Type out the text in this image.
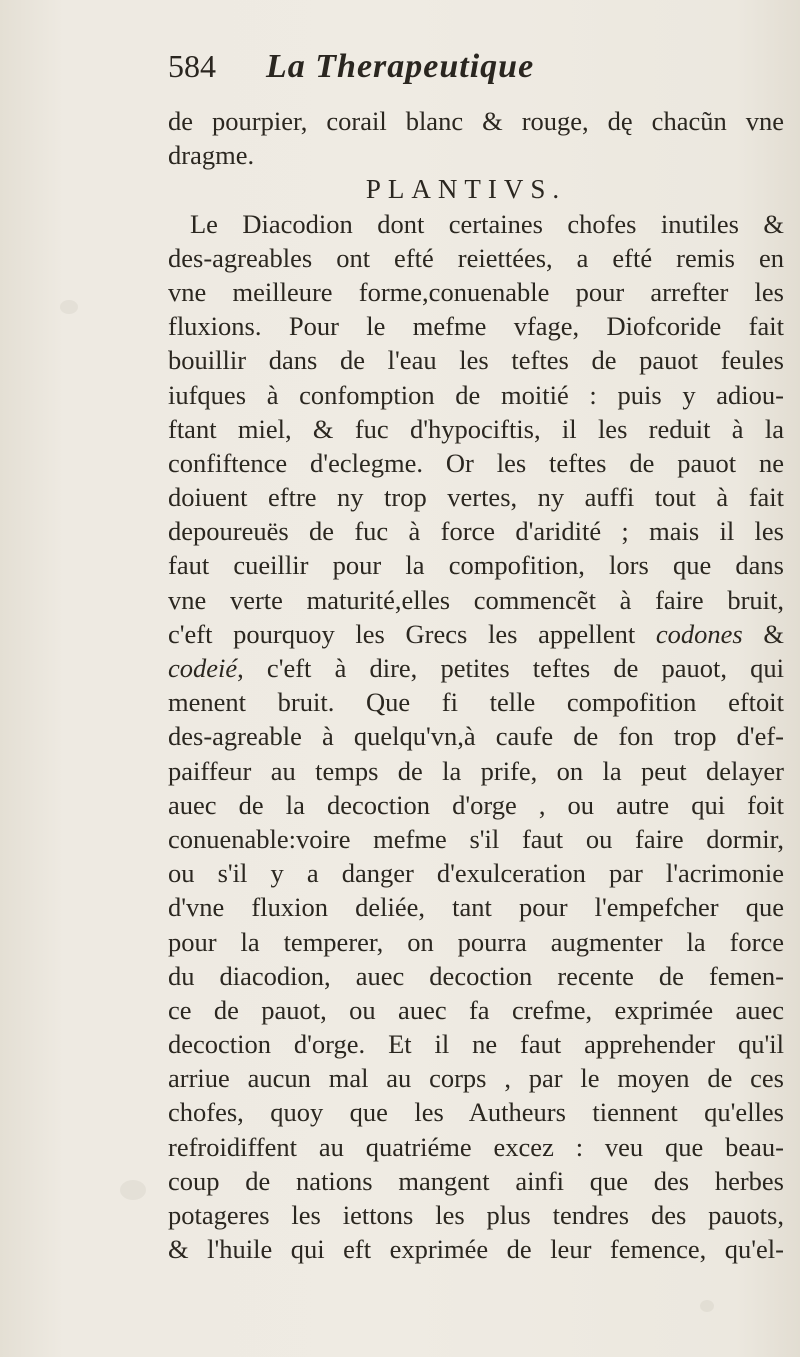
584 La Therapeutique
de pourpier, corail blanc & rouge, dę chacũn vne
dragme.
PLANTIVS.
Le Diacodion dont certaines chofes inutiles &
des-agreables ont efté reiettées, a efté remis en
vne meilleure forme,conuenable pour arrefter les
fluxions. Pour le mefme vfage, Diofcoride fait
bouillir dans de l'eau les teftes de pauot feules
iufques à confomption de moitié : puis y adiou-
ftant miel, & fuc d'hypociftis, il les reduit à la
confiftence d'eclegme. Or les teftes de pauot ne
doiuent eftre ny trop vertes, ny auffi tout à fait
depoureuës de fuc à force d'aridité ; mais il les
faut cueillir pour la compofition, lors que dans
vne verte maturité,elles commencẽt à faire bruit,
c'eft pourquoy les Grecs les appellent codones &
codeié, c'eft à dire, petites teftes de pauot, qui
menent bruit. Que fi telle compofition eftoit
des-agreable à quelqu'vn,à caufe de fon trop d'ef-
paiffeur au temps de la prife, on la peut delayer
auec de la decoction d'orge , ou autre qui foit
conuenable:voire mefme s'il faut ou faire dormir,
ou s'il y a danger d'exulceration par l'acrimonie
d'vne fluxion deliée, tant pour l'empefcher que
pour la temperer, on pourra augmenter la force
du diacodion, auec decoction recente de femen-
ce de pauot, ou auec fa crefme, exprimée auec
decoction d'orge. Et il ne faut apprehender qu'il
arriue aucun mal au corps , par le moyen de ces
chofes, quoy que les Autheurs tiennent qu'elles
refroidiffent au quatriéme excez : veu que beau-
coup de nations mangent ainfi que des herbes
potageres les iettons les plus tendres des pauots,
& l'huile qui eft exprimée de leur femence, qu'el-
